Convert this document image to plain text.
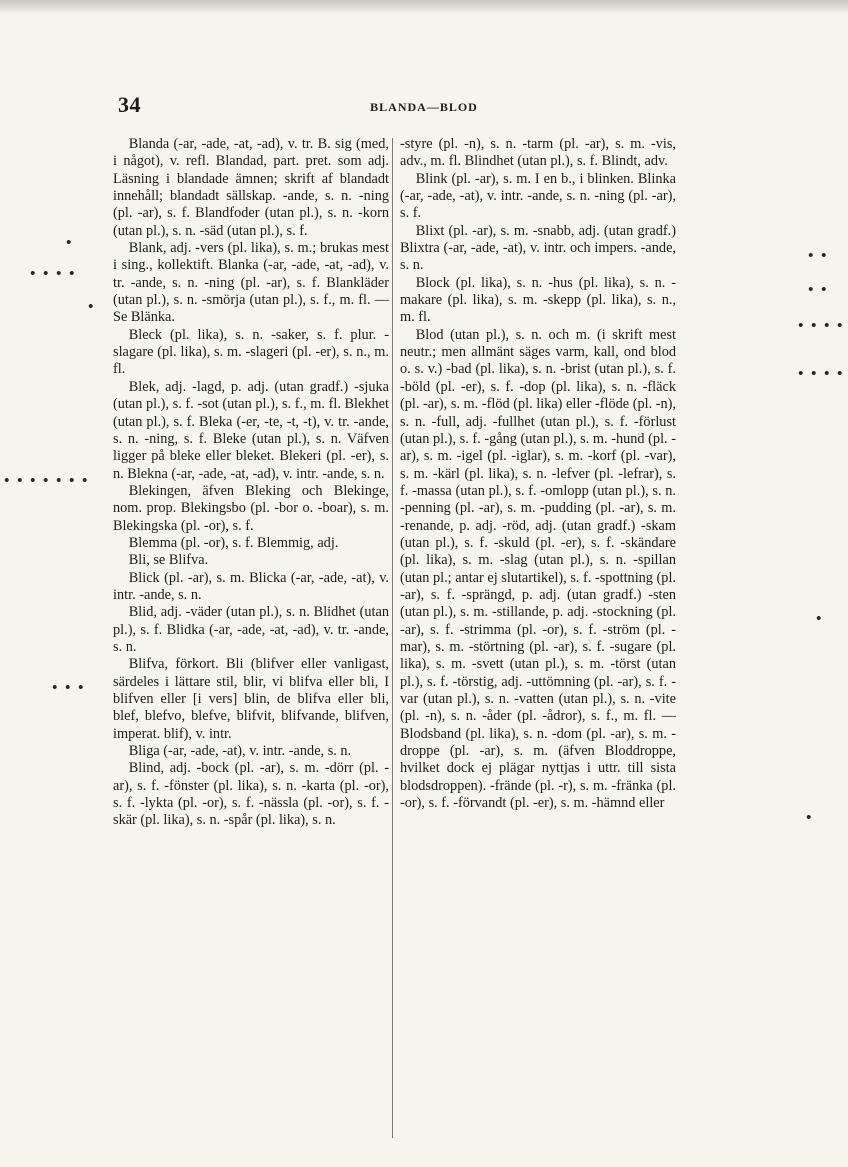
34	BLANDA—BLOD

Blanda (-ar, -ade, -at, -ad), v. tr. B. sig (med, i något), v. refl. Blandad, part. pret. som adj. Läsning i blandade ämnen; skrift af blandadt innehåll; blandadt sällskap. -ande, s. n. -ning (pl. -ar), s. f. Blandfoder (utan pl.), s. n. -korn (utan pl.), s. n. -säd (utan pl.), s. f.

Blank, adj. -vers (pl. lika), s. m.; brukas mest i sing., kollektift. Blanka (-ar, -ade, -at, -ad), v. tr. -ande, s. n. -ning (pl. -ar), s. f. Blankläder (utan pl.), s. n. -smörja (utan pl.), s. f., m. fl. — Se Blänka.

Bleck (pl. lika), s. n. -saker, s. f. plur. -slagare (pl. lika), s. m. -slageri (pl. -er), s. n., m. fl.

Blek, adj. -lagd, p. adj. (utan gradf.) -sjuka (utan pl.), s. f. -sot (utan pl.), s. f., m. fl. Blekhet (utan pl.), s. f. Bleka (-er, -te, -t, -t), v. tr. -ande, s. n. -ning, s. f. Bleke (utan pl.), s. n. Väfven ligger på bleke eller bleket. Blekeri (pl. -er), s. n. Blekna (-ar, -ade, -at, -ad), v. intr. -ande, s. n.

Blekingen, äfven Bleking och Blekinge, nom. prop. Blekingsbo (pl. -bor o. -boar), s. m. Blekingska (pl. -or), s. f.

Blemma (pl. -or), s. f. Blemmig, adj.

Bli, se Blifva.

Blick (pl. -ar), s. m. Blicka (-ar, -ade, -at), v. intr. -ande, s. n.

Blid, adj. -väder (utan pl.), s. n. Blidhet (utan pl.), s. f. Blidka (-ar, -ade, -at, -ad), v. tr. -ande, s. n.

Blifva, förkort. Bli (blifver eller vanligast, särdeles i lättare stil, blir, vi blifva eller bli, I blifven eller [i vers] blin, de blifva eller bli, blef, blefvo, blefve, blifvit, blifvande, blifven, imperat. blif), v. intr.

Bliga (-ar, -ade, -at), v. intr. -ande, s. n.

Blind, adj. -bock (pl. -ar), s. m. -dörr (pl. -ar), s. f. -fönster (pl. lika), s. n. -karta (pl. -or), s. f. -lykta (pl. -or), s. f. -nässla (pl. -or), s. f. -skär (pl. lika), s. n. -spår (pl. lika), s. n.

-styre (pl. -n), s. n. -tarm (pl. -ar), s. m. -vis, adv., m. fl. Blindhet (utan pl.), s. f. Blindt, adv.

Blink (pl. -ar), s. m. I en b., i blinken. Blinka (-ar, -ade, -at), v. intr. -ande, s. n. -ning (pl. -ar), s. f.

Blixt (pl. -ar), s. m. -snabb, adj. (utan gradf.) Blixtra (-ar, -ade, -at), v. intr. och impers. -ande, s. n.

Block (pl. lika), s. n. -hus (pl. lika), s. n. -makare (pl. lika), s. m. -skepp (pl. lika), s. n., m. fl.

Blod (utan pl.), s. n. och m. (i skrift mest neutr.; men allmänt säges varm, kall, ond blod o. s. v.) -bad (pl. lika), s. n. -brist (utan pl.), s. f. -böld (pl. -er), s. f. -dop (pl. lika), s. n. -fläck (pl. -ar), s. m. -flöd (pl. lika) eller -flöde (pl. -n), s. n. -full, adj. -fullhet (utan pl.), s. f. -förlust (utan pl.), s. f. -gång (utan pl.), s. m. -hund (pl. -ar), s. m. -igel (pl. -iglar), s. m. -korf (pl. -var), s. m. -kärl (pl. lika), s. n. -lefver (pl. -lefrar), s. f. -massa (utan pl.), s. f. -omlopp (utan pl.), s. n. -penning (pl. -ar), s. m. -pudding (pl. -ar), s. m. -renande, p. adj. -röd, adj. (utan gradf.) -skam (utan pl.), s. f. -skuld (pl. -er), s. f. -skändare (pl. lika), s. m. -slag (utan pl.), s. n. -spillan (utan pl.; antar ej slutartikel), s. f. -spottning (pl. -ar), s. f. -sprängd, p. adj. (utan gradf.) -sten (utan pl.), s. m. -stillande, p. adj. -stockning (pl. -ar), s. f. -strimma (pl. -or), s. f. -ström (pl. -mar), s. m. -störtning (pl. -ar), s. f. -sugare (pl. lika), s. m. -svett (utan pl.), s. m. -törst (utan pl.), s. f. -törstig, adj. -uttömning (pl. -ar), s. f. -var (utan pl.), s. n. -vatten (utan pl.), s. n. -vite (pl. -n), s. n. -åder (pl. -ådror), s. f., m. fl. — Blodsband (pl. lika), s. n. -dom (pl. -ar), s. m. -droppe (pl. -ar), s. m. (äfven Bloddroppe, hvilket dock ej plägar nyttjas i uttr. till sista blodsdroppen). -frände (pl. -r), s. m. -fränka (pl. -or), s. f. -förvandt (pl. -er), s. m. -hämnd eller

•
• • • •
•
• • • • • • •
• • •
• •
• •
• • • •
• • • •
•
•
